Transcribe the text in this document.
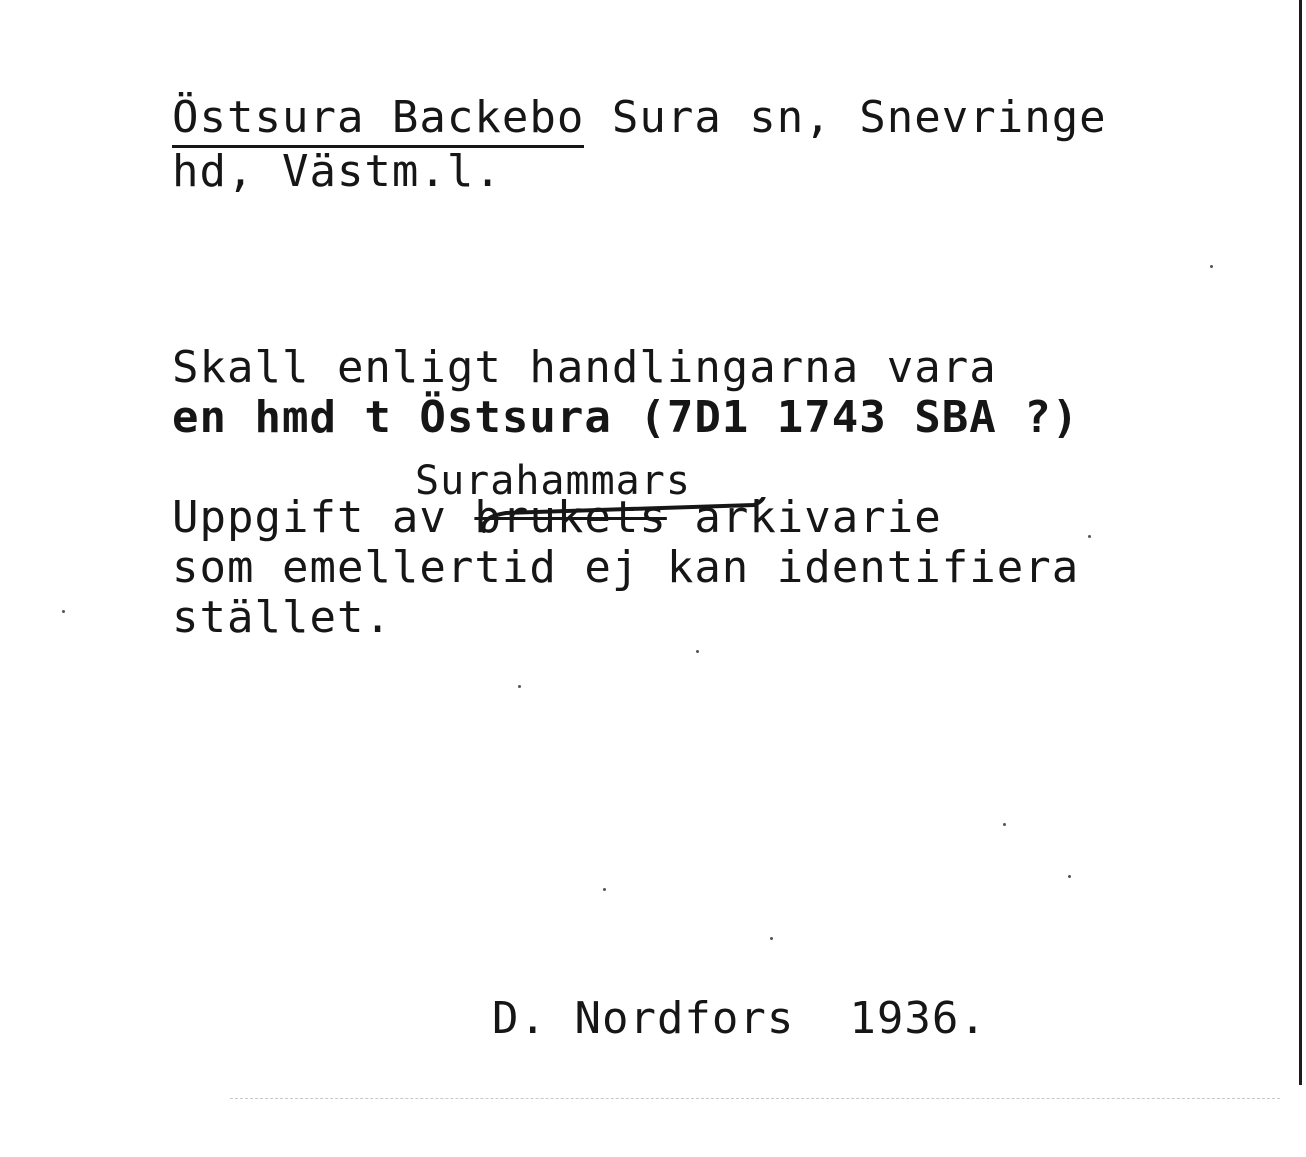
Östsura Backebo Sura sn, Snevringe
hd, Västm.l.
Skall enligt handlingarna vara
en hmd t Östsura (7D1 1743 SBA ?)
Surahammars
Uppgift av brukets arkivarie
som emellertid ej kan identifiera
stället.
D. Nordfors 1936.
